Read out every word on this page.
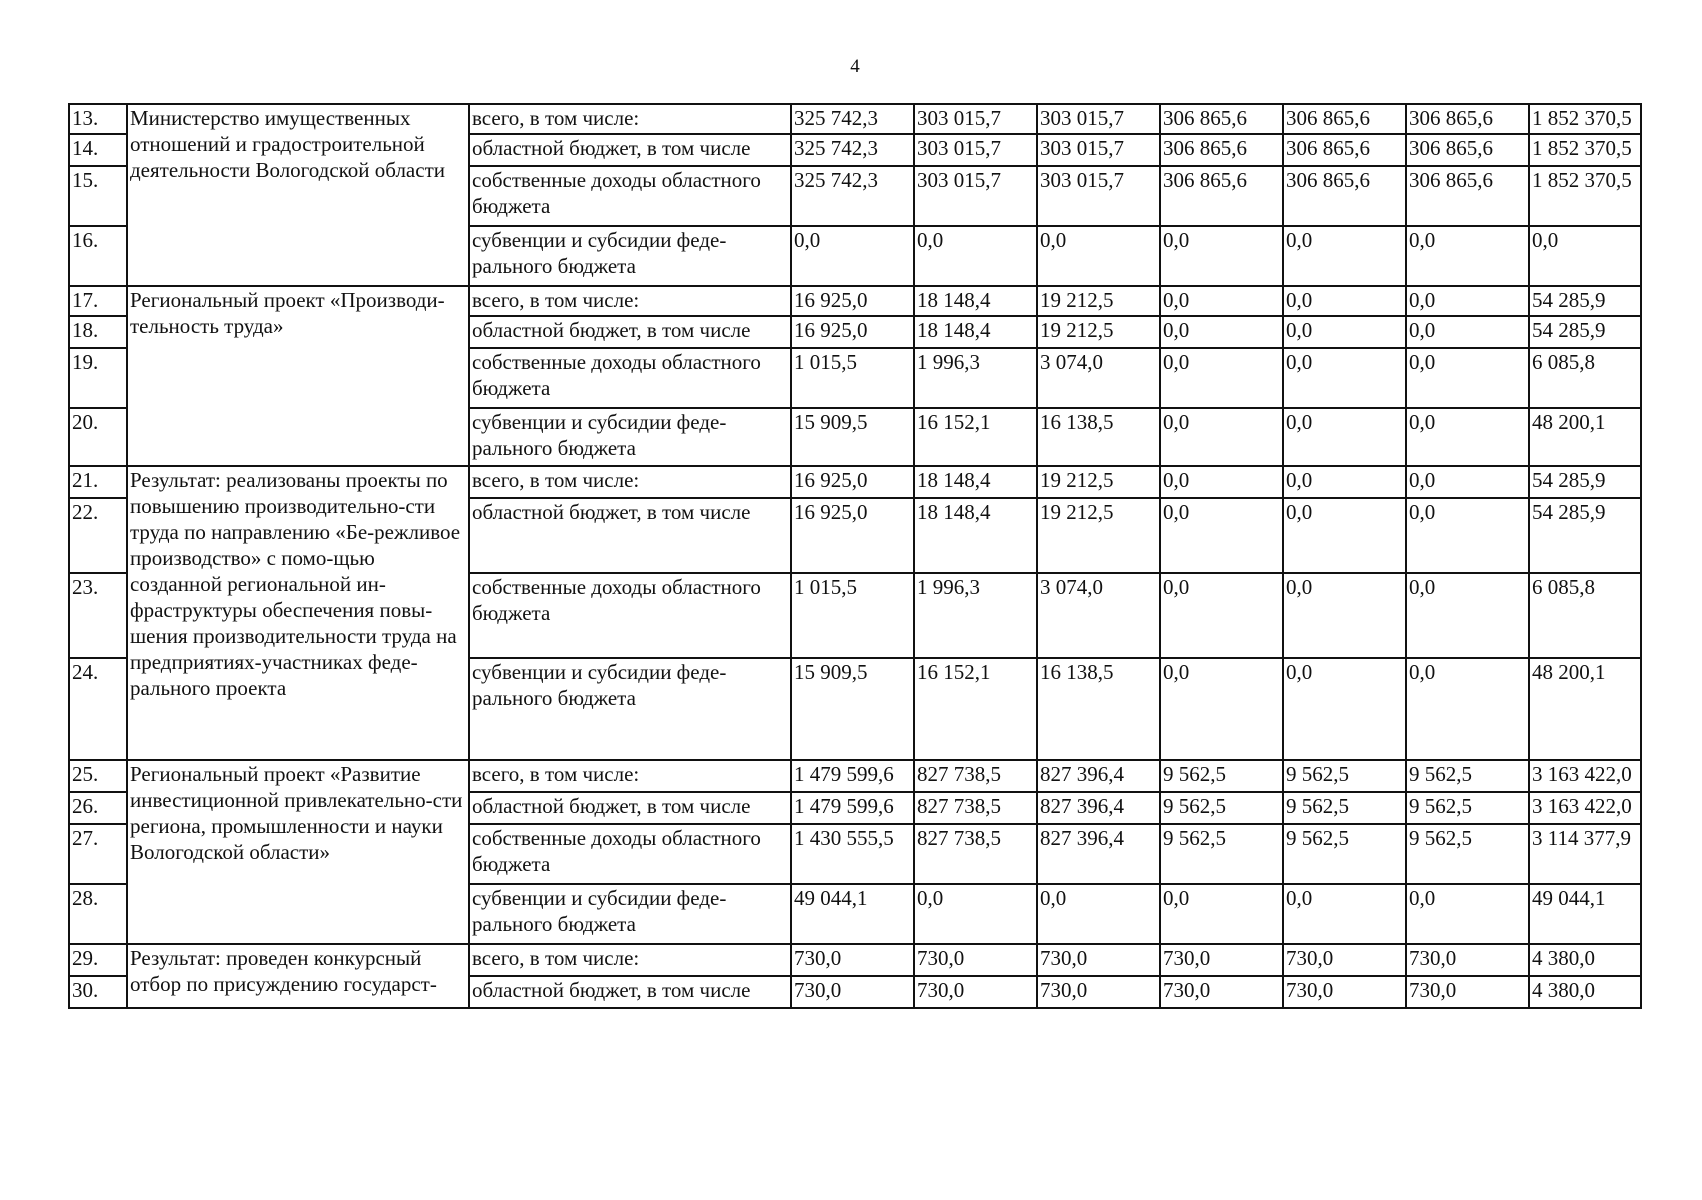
4
13.	Министерство имущественных отношений и градостроительной деятельности Вологодской области	всего, в том числе:	325 742,3	303 015,7	303 015,7	306 865,6	306 865,6	306 865,6	1 852 370,5
14.		областной бюджет, в том числе	325 742,3	303 015,7	303 015,7	306 865,6	306 865,6	306 865,6	1 852 370,5
15.		собственные доходы областного бюджета	325 742,3	303 015,7	303 015,7	306 865,6	306 865,6	306 865,6	1 852 370,5
16.		субвенции и субсидии феде- рального бюджета	0,0	0,0	0,0	0,0	0,0	0,0	0,0
17.	Региональный проект «Производи-тельность труда»	всего, в том числе:	16 925,0	18 148,4	19 212,5	0,0	0,0	0,0	54 285,9
18.		областной бюджет, в том числе	16 925,0	18 148,4	19 212,5	0,0	0,0	0,0	54 285,9
19.		собственные доходы областного бюджета	1 015,5	1 996,3	3 074,0	0,0	0,0	0,0	6 085,8
20.		субвенции и субсидии феде-рального бюджета	15 909,5	16 152,1	16 138,5	0,0	0,0	0,0	48 200,1
21.	Результат: реализованы проекты по повышению производительно-сти труда по направлению «Бе-режливое производство» с помо-щью созданной региональной ин-фраструктуры обеспечения повы-шения производительности труда на предприятиях-участниках феде-рального проекта	всего, в том числе:	16 925,0	18 148,4	19 212,5	0,0	0,0	0,0	54 285,9
22.		областной бюджет, в том числе	16 925,0	18 148,4	19 212,5	0,0	0,0	0,0	54 285,9
23.		собственные доходы областного бюджета	1 015,5	1 996,3	3 074,0	0,0	0,0	0,0	6 085,8
24.		субвенции и субсидии феде-рального бюджета	15 909,5	16 152,1	16 138,5	0,0	0,0	0,0	48 200,1
25.	Региональный проект «Развитие инвестиционной привлекательно-сти региона, промышленности и науки Вологодской области»	всего, в том числе:	1 479 599,6	827 738,5	827 396,4	9 562,5	9 562,5	9 562,5	3 163 422,0
26.		областной бюджет, в том числе	1 479 599,6	827 738,5	827 396,4	9 562,5	9 562,5	9 562,5	3 163 422,0
27.		собственные доходы областного бюджета	1 430 555,5	827 738,5	827 396,4	9 562,5	9 562,5	9 562,5	3 114 377,9
28.		субвенции и субсидии феде-рального бюджета	49 044,1	0,0	0,0	0,0	0,0	0,0	49 044,1
29.	Результат: проведен конкурсный отбор по присуждению государст-	всего, в том числе:	730,0	730,0	730,0	730,0	730,0	730,0	4 380,0
30.		областной бюджет, в том числе	730,0	730,0	730,0	730,0	730,0	730,0	4 380,0
